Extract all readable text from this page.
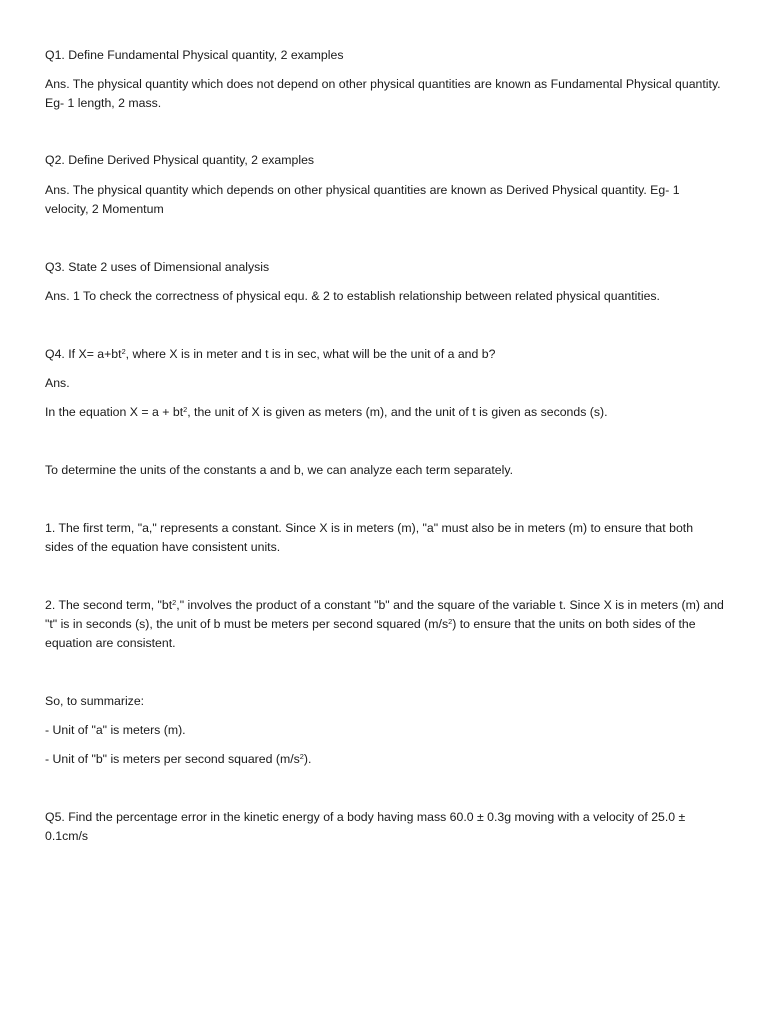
Q1. Define Fundamental Physical quantity, 2 examples

Ans. The physical quantity which does not depend on other physical quantities are known as Fundamental Physical quantity. Eg- 1 length, 2 mass.

Q2. Define Derived Physical quantity, 2 examples

Ans. The physical quantity which depends on other physical quantities are known as Derived Physical quantity. Eg- 1 velocity, 2 Momentum

Q3. State 2 uses of Dimensional analysis

Ans. 1 To check the correctness of physical equ. & 2 to establish relationship between related physical quantities.

Q4. If $X= a+bt^2$, where X is in meter and t is in sec, what will be the unit of a and b?

Ans.

In the equation $X = a + bt^2$, the unit of X is given as meters (m), and the unit of t is given as seconds (s).

To determine the units of the constants a and b, we can analyze each term separately.

1. The first term, "a," represents a constant. Since X is in meters (m), "a" must also be in meters (m) to ensure that both sides of the equation have consistent units.

2. The second term, "$bt^2$," involves the product of a constant "b" and the square of the variable t. Since X is in meters (m) and "t" is in seconds (s), the unit of b must be meters per second squared $(m/s^2)$ to ensure that the units on both sides of the equation are consistent.

So, to summarize:

- Unit of "a" is meters (m).

- Unit of "b" is meters per second squared $(m/s^2)$.

Q5. Find the percentage error in the kinetic energy of a body having mass 60.0 ± 0.3g moving with a velocity of 25.0 ± 0.1cm/s
